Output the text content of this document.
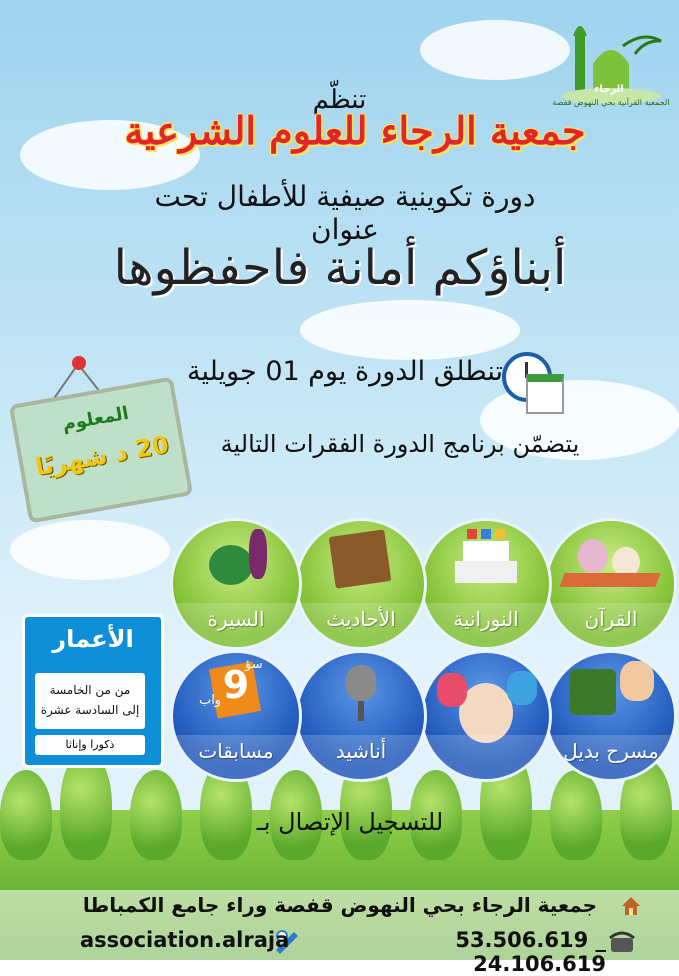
الجمعية القرآنية بحي النهوض قفصة
الرجاء
تنظّم
جمعية الرجاء للعلوم الشرعية
دورة تكوينية صيفية للأطفال تحت عنوان
أبناؤكم أمانة فاحفظوها
تنطلق الدورة يوم 01 جويلية
المعلوم
20 د شهريًا	يتضمّن برنامج الدورة الفقرات التالية
القرآن
النورانية
الأحاديث
السيرة
مسرح بديل
أناشيد
9
سؤ
واب
مسابقات
الأعمار
من من الخامسة
إلى السادسة عشرة
ذكورا وإناثا
للتسجيل الإتصال بـ
جمعية الرجاء بحي النهوض قفصة وراء جامع الكمباطا
53.506.619 _ 24.106.619
association.alraja
